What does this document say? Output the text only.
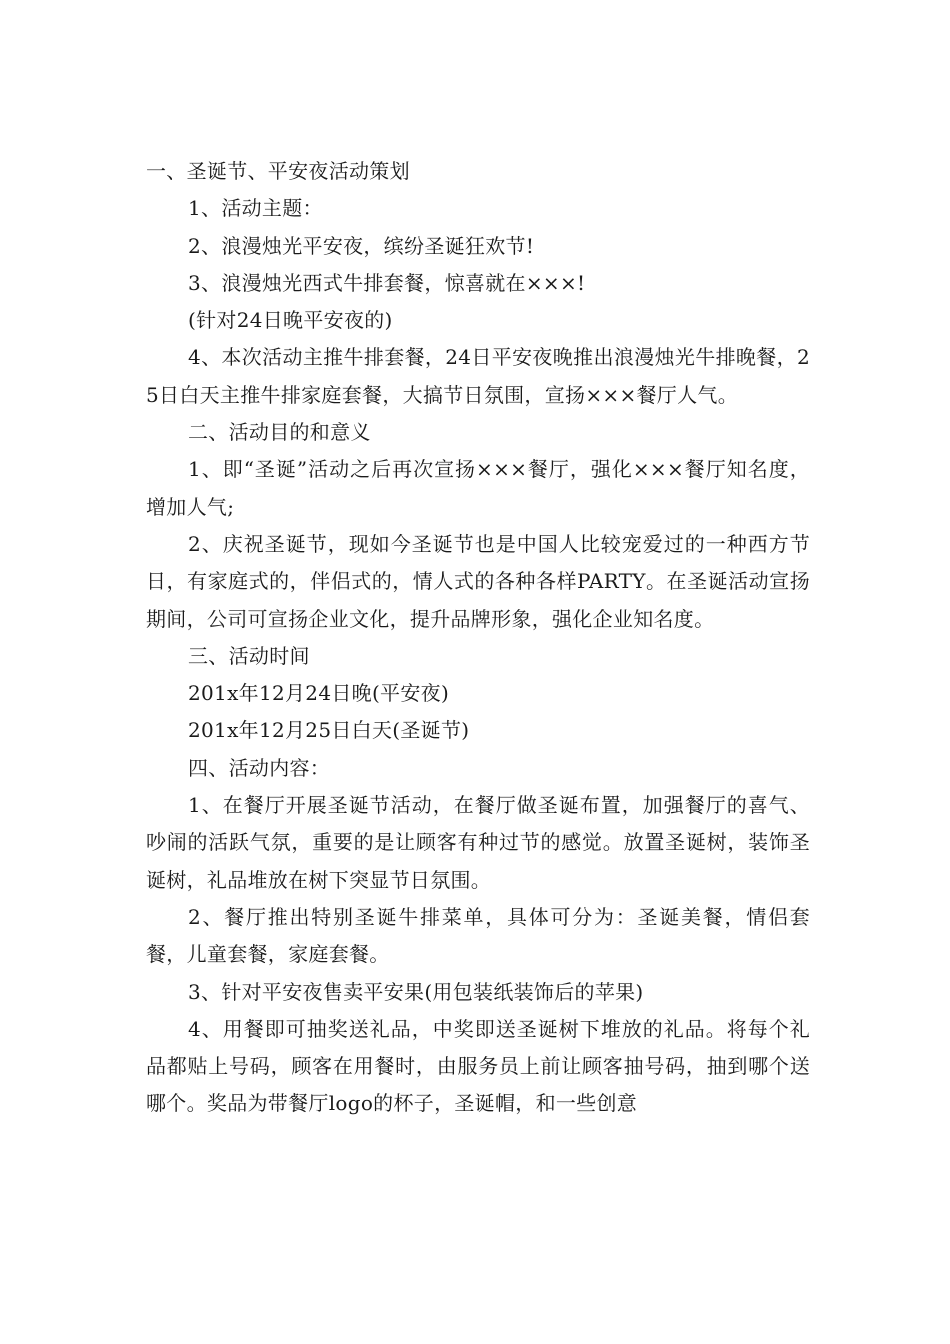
一、圣诞节、平安夜活动策划

1、活动主题：

2、浪漫烛光平安夜，缤纷圣诞狂欢节!

3、浪漫烛光西式牛排套餐，惊喜就在×××!

(针对24日晚平安夜的)

4、本次活动主推牛排套餐，24日平安夜晚推出浪漫烛光牛排晚餐，25日白天主推牛排家庭套餐，大搞节日氛围，宣扬×××餐厅人气。

二、活动目的和意义

1、即“圣诞”活动之后再次宣扬×××餐厅，强化×××餐厅知名度，增加人气;

2、庆祝圣诞节，现如今圣诞节也是中国人比较宠爱过的一种西方节日，有家庭式的，伴侣式的，情人式的各种各样PARTY。在圣诞活动宣扬期间，公司可宣扬企业文化，提升品牌形象，强化企业知名度。

三、活动时间

201x年12月24日晚(平安夜)

201x年12月25日白天(圣诞节)

四、活动内容：

1、在餐厅开展圣诞节活动，在餐厅做圣诞布置，加强餐厅的喜气、吵闹的活跃气氛，重要的是让顾客有种过节的感觉。放置圣诞树，装饰圣诞树，礼品堆放在树下突显节日氛围。

2、餐厅推出特别圣诞牛排菜单，具体可分为：圣诞美餐，情侣套餐，儿童套餐，家庭套餐。

3、针对平安夜售卖平安果(用包装纸装饰后的苹果)

4、用餐即可抽奖送礼品，中奖即送圣诞树下堆放的礼品。将每个礼品都贴上号码，顾客在用餐时，由服务员上前让顾客抽号码，抽到哪个送哪个。奖品为带餐厅logo的杯子，圣诞帽，和一些创意
